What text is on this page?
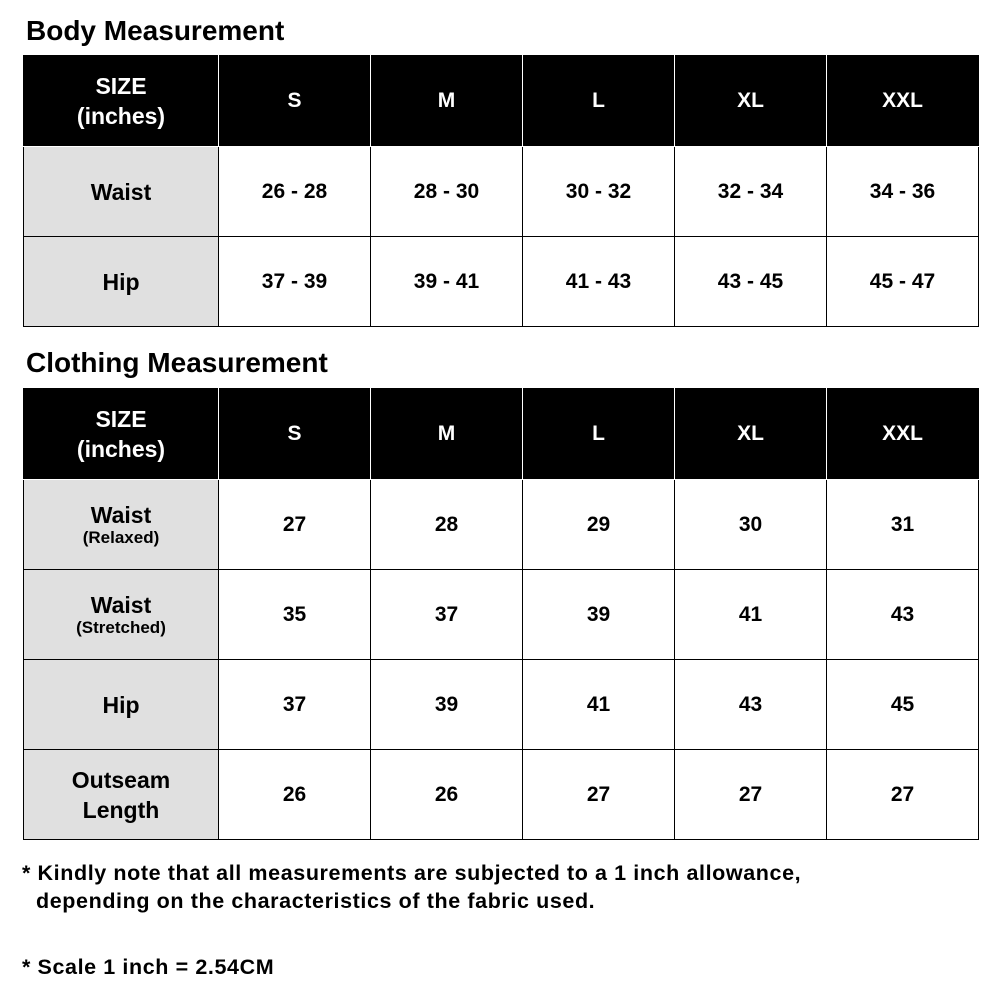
Body Measurement
SIZE
(inches)	S	M	L	XL	XXL

Waist	26 - 28	28 - 30	30 - 32	32 - 34	34 - 36

Hip	37 - 39	39 - 41	41 - 43	43 - 45	45 - 47
Clothing Measurement
SIZE
(inches)	S	M	L	XL	XXL

Waist
(Relaxed)	27	28	29	30	31

Waist
(Stretched)	35	37	39	41	43

Hip	37	39	41	43	45

Outseam
Length	26	26	27	27	27

* Kindly note that all measurements are subjected to a 1 inch allowance,
depending on the characteristics of the fabric used.

* Scale 1 inch = 2.54CM
